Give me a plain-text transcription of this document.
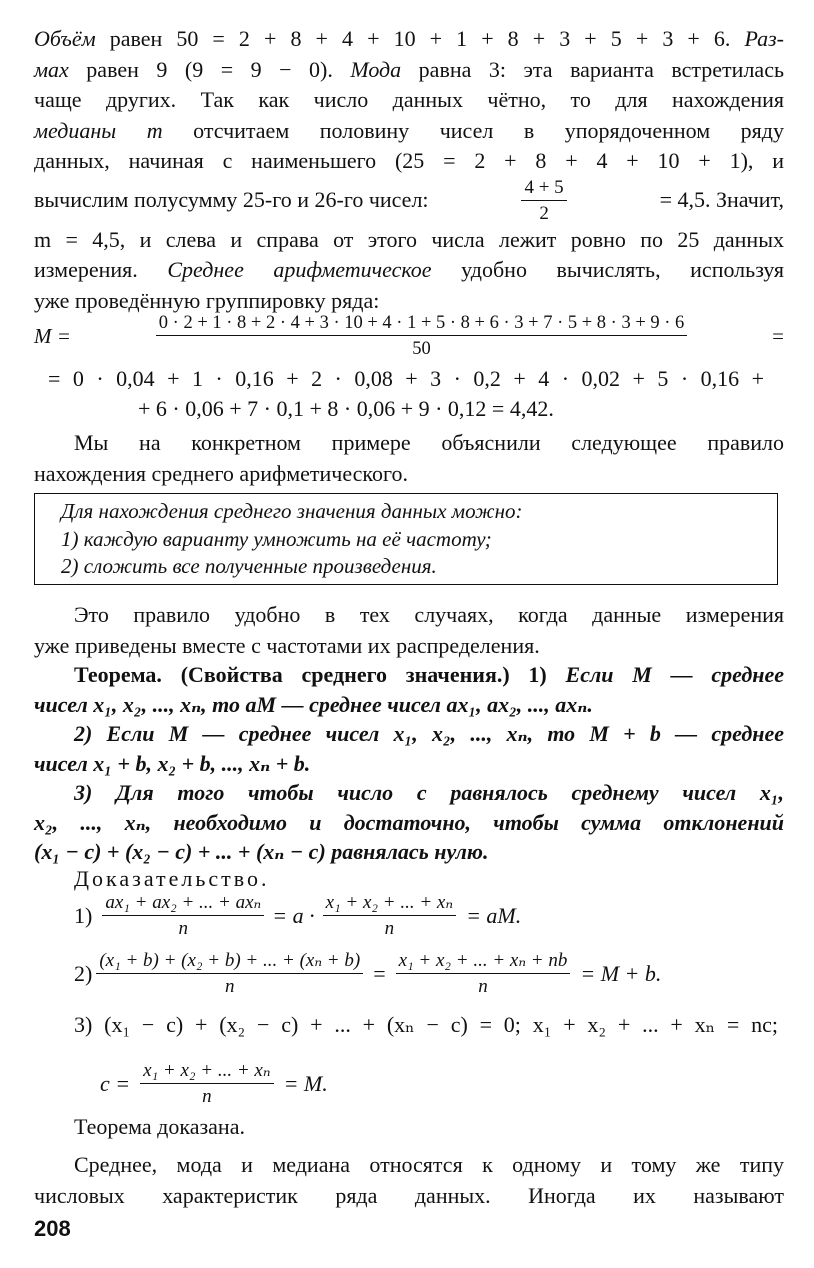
Объём равен 50 = 2 + 8 + 4 + 10 + 1 + 8 + 3 + 5 + 3 + 6. Раз-
мах равен 9 (9 = 9 − 0). Мода равна 3: эта варианта встретилась
чаще других. Так как число данных чётно, то для нахождения
медианы m отсчитаем половину чисел в упорядоченном ряду
данных, начиная с наименьшего (25 = 2 + 8 + 4 + 10 + 1), и
вычислим полусумму 25-го и 26-го чисел:	$\frac{4 + 5}{2}$	= 4,5. Значит,
m = 4,5, и слева и справа от этого числа лежит ровно по 25 данных
измерения. Среднее арифметическое удобно вычислять, используя
уже проведённую группировку ряда:
M =
0 · 2 + 1 · 8 + 2 · 4 + 3 · 10 + 4 · 1 + 5 · 8 + 6 · 3 + 7 · 5 + 8 · 3 + 9 · 6
50
=
= 0 · 0,04 + 1 · 0,16 + 2 · 0,08 + 3 · 0,2 + 4 · 0,02 + 5 · 0,16 +
+ 6 · 0,06 + 7 · 0,1 + 8 · 0,06 + 9 · 0,12 = 4,42.
Мы на конкретном примере объяснили следующее правило
нахождения среднего арифметического.
Для нахождения среднего значения данных можно:
1) каждую варианту умножить на её частоту;
2) сложить все полученные произведения.
Это правило удобно в тех случаях, когда данные измерения
уже приведены вместе с частотами их распределения.
Теорема. (Свойства среднего значения.) 1) Если M — среднее
чисел x₁, x₂, ..., xₙ, то aM — среднее чисел ax₁, ax₂, ..., axₙ.
2) Если M — среднее чисел x₁, x₂, ..., xₙ, то M + b — среднее
чисел x₁ + b, x₂ + b, ..., xₙ + b.
3) Для того чтобы число c равнялось среднему чисел x₁,
x₂, ..., xₙ, необходимо и достаточно, чтобы сумма отклонений
(x₁ − c) + (x₂ − c) + ... + (xₙ − c) равнялась нулю.
Доказательство.
$1) \frac{\text{ax₁ + ax₂ + ... + axₙ}}{n} = a \cdot \frac{\text{x₁ + x₂ + ... + xₙ}}{n}$ = aM.
$2) \frac{\text{(x₁ + b) + (x₂ + b) + ... + (xₙ + b)}}{n} = \frac{\text{x₁ + x₂ + ... + xₙ + nb}}{n} = M + b$.
3) (x₁ − c) + (x₂ − c) + ... + (xₙ − c) = 0; x₁ + x₂ + ... + xₙ = nc;
$c = \frac{\text{x₁ + x₂ + ... + xₙ}}{n} = M$.
Теорема доказана.
Среднее, мода и медиана относятся к одному и тому же типу
числовых характеристик ряда данных. Иногда их называют
208
